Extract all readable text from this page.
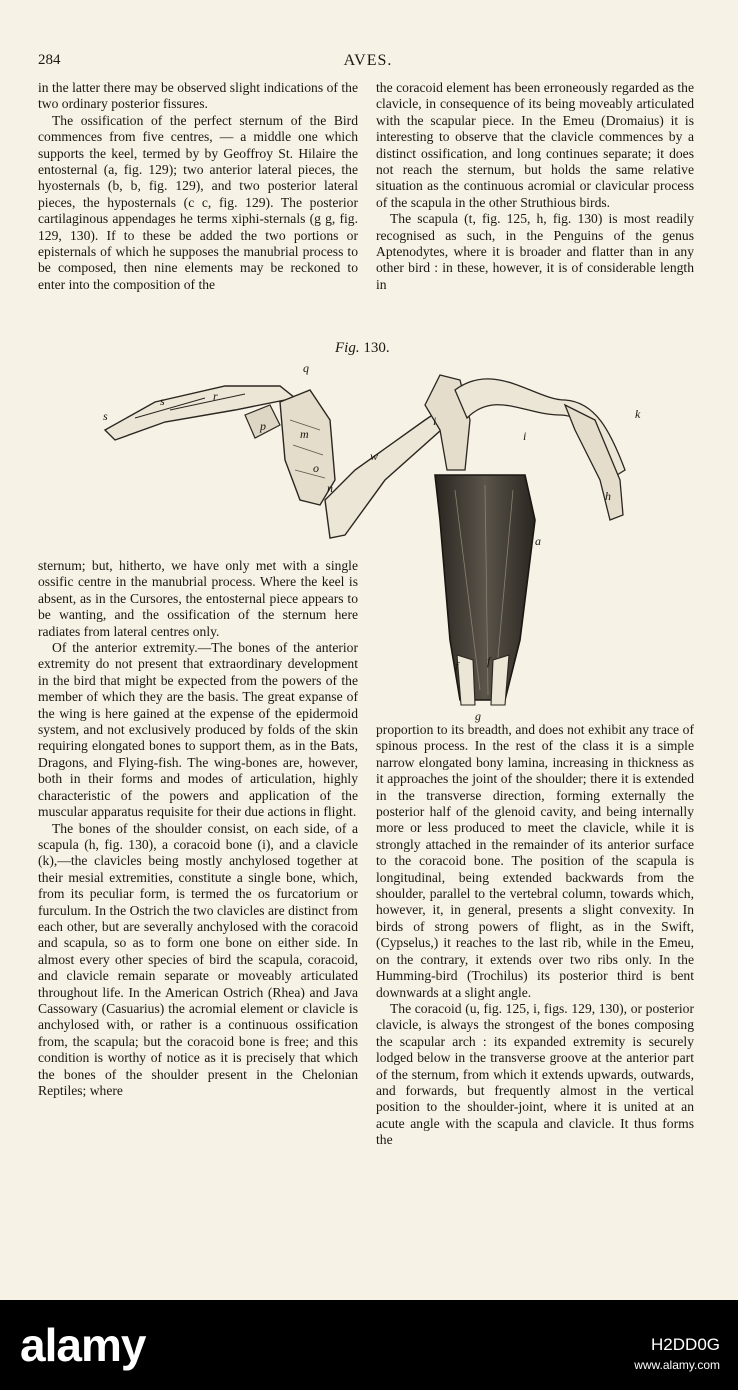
284	AVES.

in the latter there may be observed slight indications of the two ordinary posterior fissures.

The ossification of the perfect sternum of the Bird commences from five centres, — a middle one which supports the keel, termed by by Geoffroy St. Hilaire the entosternal (a, fig. 129); two anterior lateral pieces, the hyosternals (b, b, fig. 129), and two posterior lateral pieces, the hyposternals (c c, fig. 129). The posterior cartilaginous appendages he terms xiphi-sternals (g g, fig. 129, 130). If to these be added the two portions or episternals of which he supposes the manubrial process to be composed, then nine elements may be reckoned to enter into the composition of the

the coracoid element has been erroneously regarded as the clavicle, in consequence of its being moveably articulated with the scapular piece. In the Emeu (Dromaius) it is interesting to observe that the clavicle commences by a distinct ossification, and long continues separate; it does not reach the sternum, but holds the same relative situation as the continuous acromial or clavicular process of the scapula in the other Struthious birds.

The scapula (t, fig. 125, h, fig. 130) is most readily recognised as such, in the Penguins of the genus Aptenodytes, where it is broader and flatter than in any other bird : in these, however, it is of considerable length in

Fig. 130.
q
s
s	r
p
m
o
n
w
i
i
k
h
a
f f
g

sternum; but, hitherto, we have only met with a single ossific centre in the manubrial process. Where the keel is absent, as in the Cursores, the entosternal piece appears to be wanting, and the ossification of the sternum here radiates from lateral centres only.

Of the anterior extremity.—The bones of the anterior extremity do not present that extraordinary development in the bird that might be expected from the powers of the member of which they are the basis. The great expanse of the wing is here gained at the expense of the epidermoid system, and not exclusively produced by folds of the skin requiring elongated bones to support them, as in the Bats, Dragons, and Flying-fish. The wing-bones are, however, both in their forms and modes of articulation, highly characteristic of the powers and application of the muscular apparatus requisite for their due actions in flight.

The bones of the shoulder consist, on each side, of a scapula (h, fig. 130), a coracoid bone (i), and a clavicle (k),—the clavicles being mostly anchylosed together at their mesial extremities, constitute a single bone, which, from its peculiar form, is termed the os furcatorium or furculum. In the Ostrich the two clavicles are distinct from each other, but are severally anchylosed with the coracoid and scapula, so as to form one bone on either side. In almost every other species of bird the scapula, coracoid, and clavicle remain separate or moveably articulated throughout life. In the American Ostrich (Rhea) and Java Cassowary (Casuarius) the acromial element or clavicle is anchylosed with, or rather is a continuous ossification from, the scapula; but the coracoid bone is free; and this condition is worthy of notice as it is precisely that which the bones of the shoulder present in the Chelonian Reptiles; where

proportion to its breadth, and does not exhibit any trace of spinous process. In the rest of the class it is a simple narrow elongated bony lamina, increasing in thickness as it approaches the joint of the shoulder; there it is extended in the transverse direction, forming externally the posterior half of the glenoid cavity, and being internally more or less produced to meet the clavicle, while it is strongly attached in the remainder of its anterior surface to the coracoid bone. The position of the scapula is longitudinal, being extended backwards from the shoulder, parallel to the vertebral column, towards which, however, it, in general, presents a slight convexity. In birds of strong powers of flight, as in the Swift, (Cypselus,) it reaches to the last rib, while in the Emeu, on the contrary, it extends over two ribs only. In the Humming-bird (Trochilus) its posterior third is bent downwards at a slight angle.

The coracoid (u, fig. 125, i, figs. 129, 130), or posterior clavicle, is always the strongest of the bones composing the scapular arch : its expanded extremity is securely lodged below in the transverse groove at the anterior part of the sternum, from which it extends upwards, outwards, and forwards, but frequently almost in the vertical position to the shoulder-joint, where it is united at an acute angle with the scapula and clavicle. It thus forms the

alamy	H2DD0G
www.alamy.com
